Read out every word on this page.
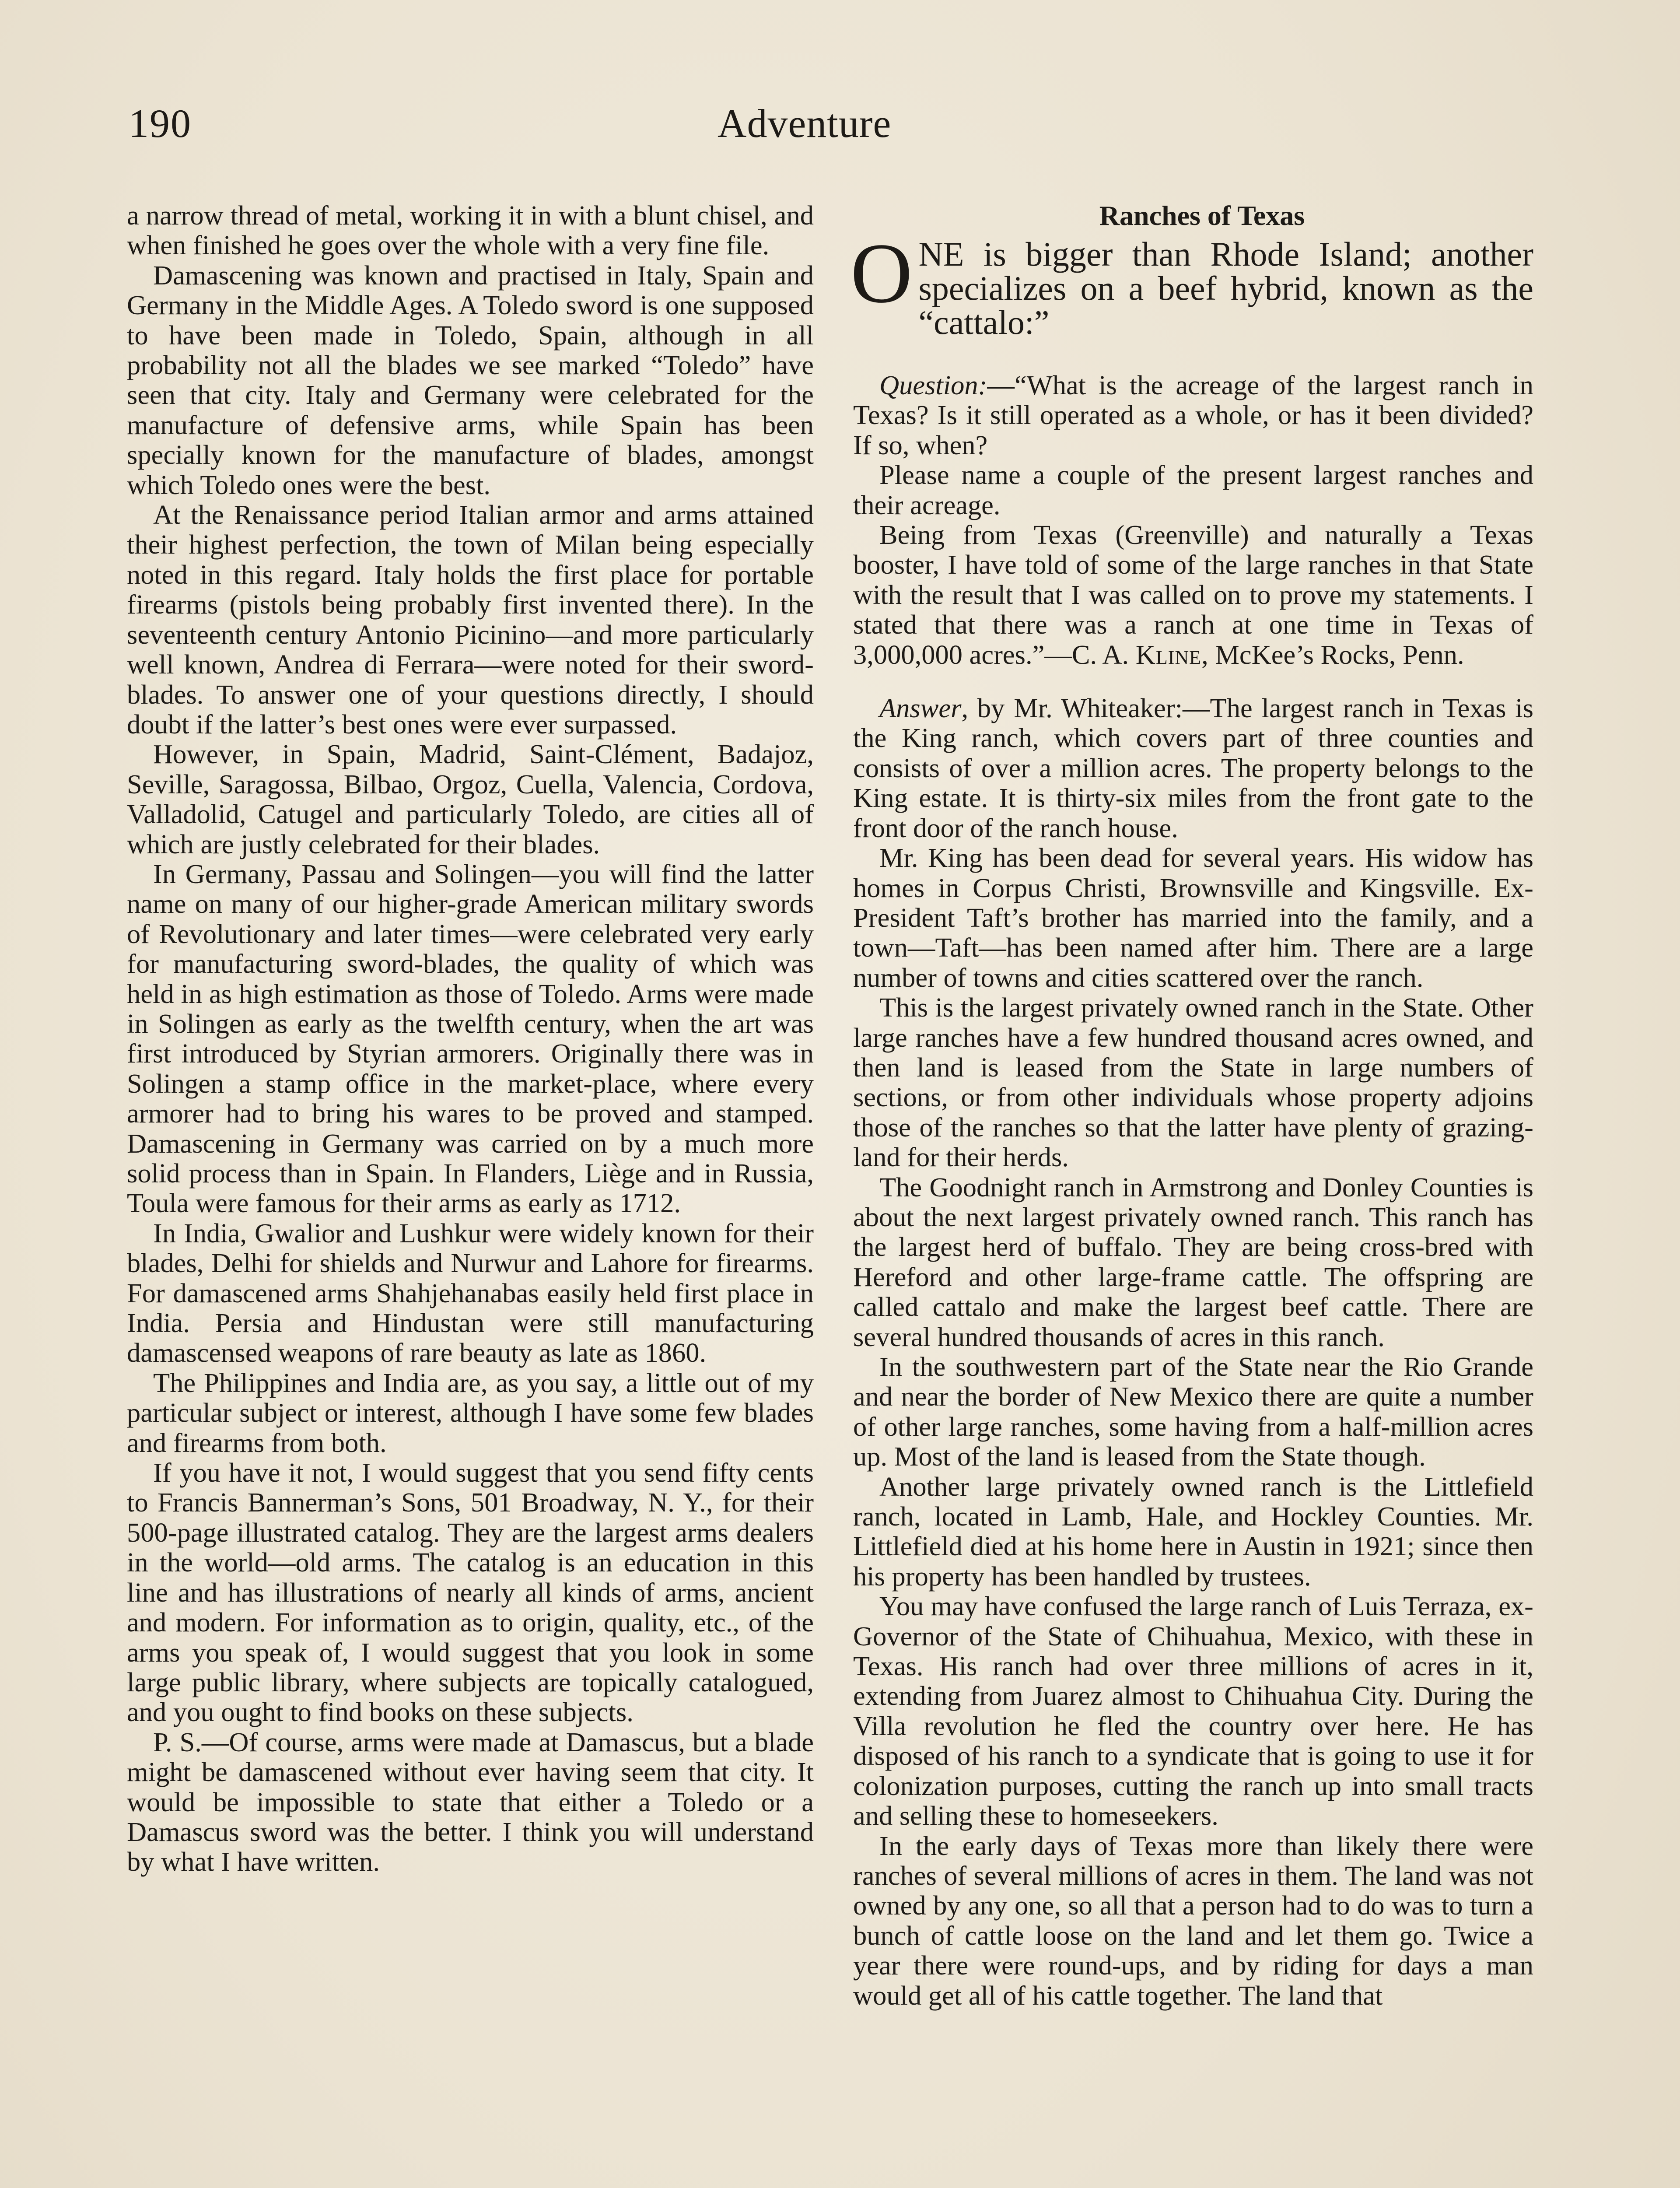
190	Adventure

a narrow thread of metal, working it in with a blunt chisel, and when finished he goes over the whole with a very fine file.

Damascening was known and practised in Italy, Spain and Germany in the Middle Ages. A Toledo sword is one supposed to have been made in Toledo, Spain, although in all probability not all the blades we see marked “Toledo” have seen that city. Italy and Germany were celebrated for the manufacture of defensive arms, while Spain has been specially known for the manufacture of blades, amongst which Toledo ones were the best.

At the Renaissance period Italian armor and arms attained their highest perfection, the town of Milan being especially noted in this regard. Italy holds the first place for portable firearms (pistols being probably first invented there). In the seventeenth century Antonio Picinino—and more particularly well known, Andrea di Ferrara—were noted for their sword-blades. To answer one of your questions directly, I should doubt if the latter’s best ones were ever surpassed.

However, in Spain, Madrid, Saint-Clément, Badajoz, Seville, Saragossa, Bilbao, Orgoz, Cuella, Valencia, Cordova, Valladolid, Catugel and particularly Toledo, are cities all of which are justly celebrated for their blades.

In Germany, Passau and Solingen—you will find the latter name on many of our higher-grade American military swords of Revolutionary and later times—were celebrated very early for manufacturing sword-blades, the quality of which was held in as high estimation as those of Toledo. Arms were made in Solingen as early as the twelfth century, when the art was first introduced by Styrian armorers. Originally there was in Solingen a stamp office in the market-place, where every armorer had to bring his wares to be proved and stamped. Damascening in Germany was carried on by a much more solid process than in Spain. In Flanders, Liège and in Russia, Toula were famous for their arms as early as 1712.

In India, Gwalior and Lushkur were widely known for their blades, Delhi for shields and Nurwur and Lahore for firearms. For damascened arms Shahjehanabas easily held first place in India. Persia and Hindustan were still manufacturing damascensed weapons of rare beauty as late as 1860.

The Philippines and India are, as you say, a little out of my particular subject or interest, although I have some few blades and firearms from both.

If you have it not, I would suggest that you send fifty cents to Francis Bannerman’s Sons, 501 Broadway, N. Y., for their 500-page illustrated catalog. They are the largest arms dealers in the world—old arms. The catalog is an education in this line and has illustrations of nearly all kinds of arms, ancient and modern. For information as to origin, quality, etc., of the arms you speak of, I would suggest that you look in some large public library, where subjects are topically catalogued, and you ought to find books on these subjects.

P. S.—Of course, arms were made at Damascus, but a blade might be damascened without ever having seem that city. It would be impossible to state that either a Toledo or a Damascus sword was the better. I think you will understand by what I have written.

Ranches of Texas
ONE is bigger than Rhode Island; another specializes on a beef hybrid, known as the “cattalo:”

Question:—“What is the acreage of the largest ranch in Texas? Is it still operated as a whole, or has it been divided? If so, when?

Please name a couple of the present largest ranches and their acreage.

Being from Texas (Greenville) and naturally a Texas booster, I have told of some of the large ranches in that State with the result that I was called on to prove my statements. I stated that there was a ranch at one time in Texas of 3,000,000 acres.”—C. A. Kline, McKee’s Rocks, Penn.

Answer, by Mr. Whiteaker:—The largest ranch in Texas is the King ranch, which covers part of three counties and consists of over a million acres. The property belongs to the King estate. It is thirty-six miles from the front gate to the front door of the ranch house.

Mr. King has been dead for several years. His widow has homes in Corpus Christi, Brownsville and Kingsville. Ex-President Taft’s brother has married into the family, and a town—Taft—has been named after him. There are a large number of towns and cities scattered over the ranch.

This is the largest privately owned ranch in the State. Other large ranches have a few hundred thousand acres owned, and then land is leased from the State in large numbers of sections, or from other individuals whose property adjoins those of the ranches so that the latter have plenty of grazing-land for their herds.

The Goodnight ranch in Armstrong and Donley Counties is about the next largest privately owned ranch. This ranch has the largest herd of buffalo. They are being cross-bred with Hereford and other large-frame cattle. The offspring are called cattalo and make the largest beef cattle. There are several hundred thousands of acres in this ranch.

In the southwestern part of the State near the Rio Grande and near the border of New Mexico there are quite a number of other large ranches, some having from a half-million acres up. Most of the land is leased from the State though.

Another large privately owned ranch is the Littlefield ranch, located in Lamb, Hale, and Hockley Counties. Mr. Littlefield died at his home here in Austin in 1921; since then his property has been handled by trustees.

You may have confused the large ranch of Luis Terraza, ex-Governor of the State of Chihuahua, Mexico, with these in Texas. His ranch had over three millions of acres in it, extending from Juarez almost to Chihuahua City. During the Villa revolution he fled the country over here. He has disposed of his ranch to a syndicate that is going to use it for colonization purposes, cutting the ranch up into small tracts and selling these to homeseekers.

In the early days of Texas more than likely there were ranches of several millions of acres in them. The land was not owned by any one, so all that a person had to do was to turn a bunch of cattle loose on the land and let them go. Twice a year there were round-ups, and by riding for days a man would get all of his cattle together. The land that
